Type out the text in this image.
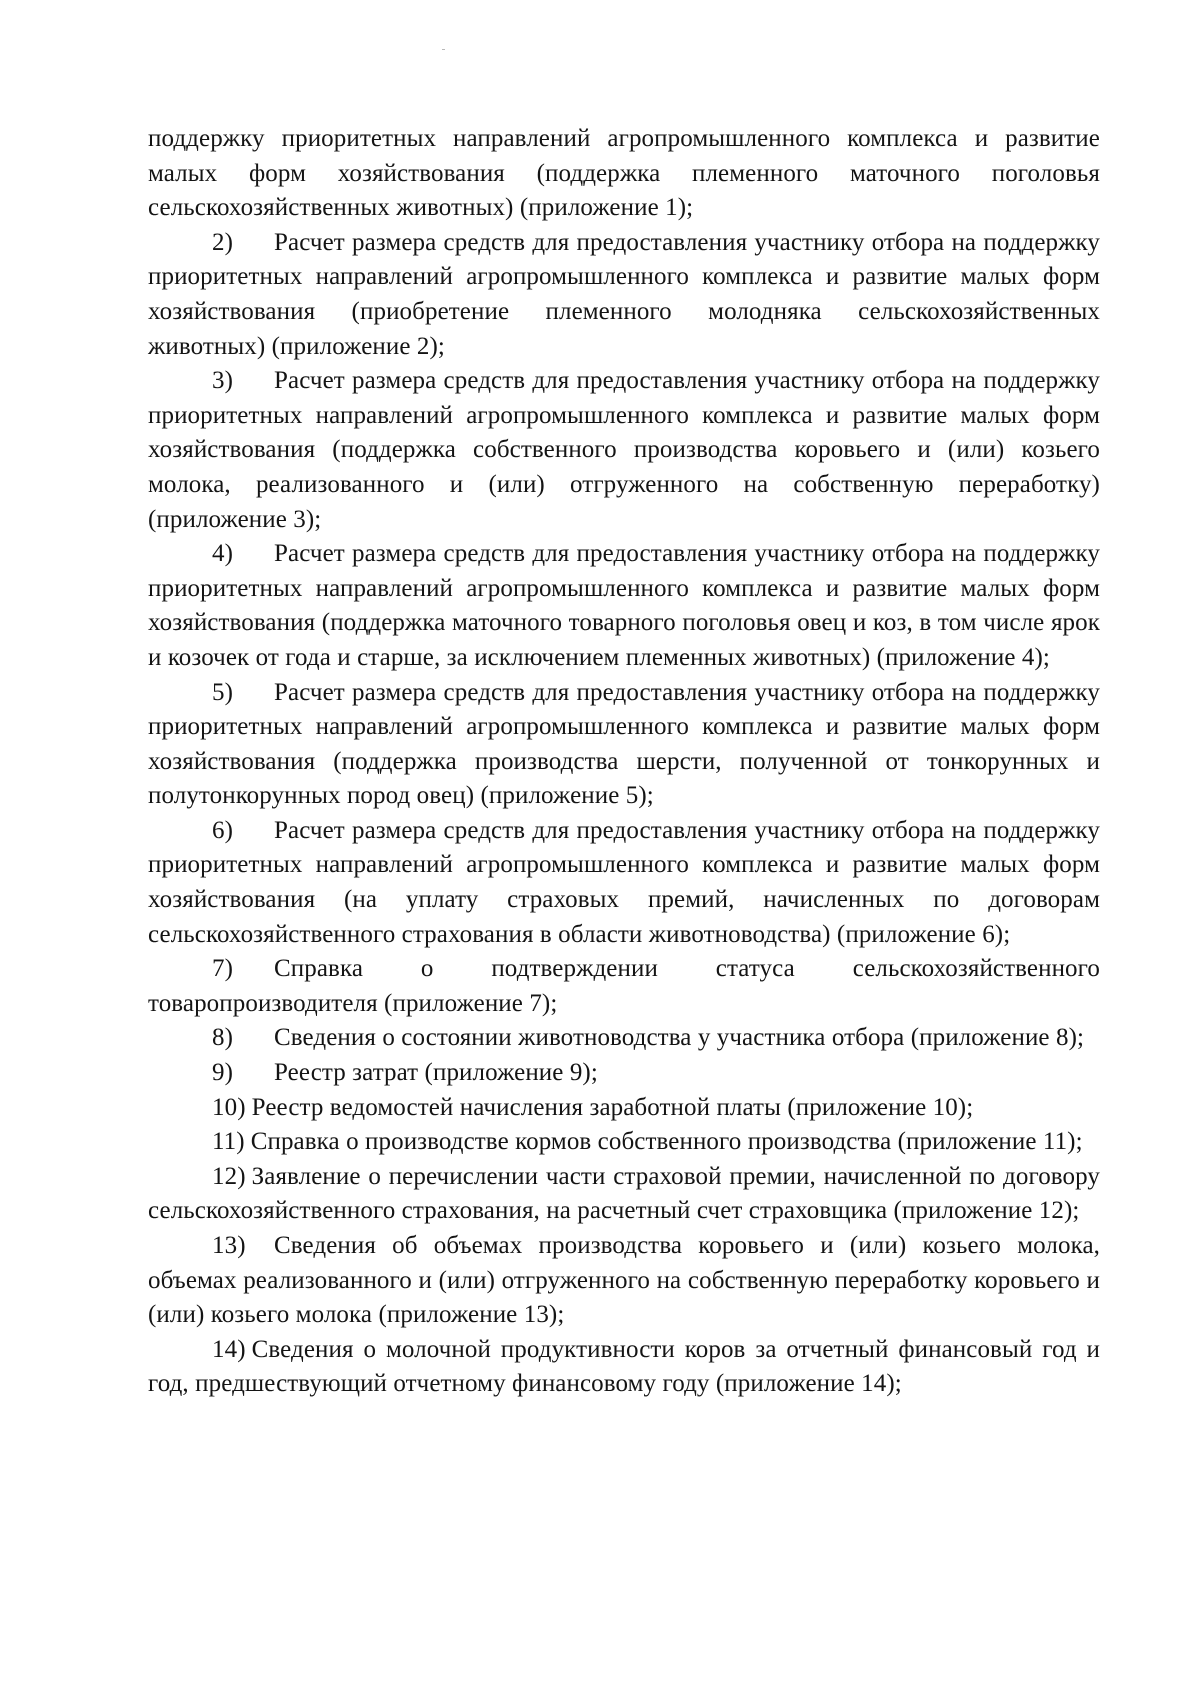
поддержку приоритетных направлений агропромышленного комплекса и развитие малых форм хозяйствования (поддержка племенного маточного поголовья сельскохозяйственных животных) (приложение 1);

2) Расчет размера средств для предоставления участнику отбора на поддержку приоритетных направлений агропромышленного комплекса и развитие малых форм хозяйствования (приобретение племенного молодняка сельскохозяйственных животных) (приложение 2);

3) Расчет размера средств для предоставления участнику отбора на поддержку приоритетных направлений агропромышленного комплекса и развитие малых форм хозяйствования (поддержка собственного производства коровьего и (или) козьего молока, реализованного и (или) отгруженного на собственную переработку) (приложение 3);

4) Расчет размера средств для предоставления участнику отбора на поддержку приоритетных направлений агропромышленного комплекса и развитие малых форм хозяйствования (поддержка маточного товарного поголовья овец и коз, в том числе ярок и козочек от года и старше, за исключением племенных животных) (приложение 4);

5) Расчет размера средств для предоставления участнику отбора на поддержку приоритетных направлений агропромышленного комплекса и развитие малых форм хозяйствования (поддержка производства шерсти, полученной от тонкорунных и полутонкорунных пород овец) (приложение 5);

6) Расчет размера средств для предоставления участнику отбора на поддержку приоритетных направлений агропромышленного комплекса и развитие малых форм хозяйствования (на уплату страховых премий, начисленных по договорам сельскохозяйственного страхования в области животноводства) (приложение 6);

7) Справка о подтверждении статуса сельскохозяйственного товаропроизводителя (приложение 7);

8) Сведения о состоянии животноводства у участника отбора (приложение 8);

9) Реестр затрат (приложение 9);

10) Реестр ведомостей начисления заработной платы (приложение 10);

11) Справка о производстве кормов собственного производства (приложение 11);

12) Заявление о перечислении части страховой премии, начисленной по договору сельскохозяйственного страхования, на расчетный счет страховщика (приложение 12);

13) Сведения об объемах производства коровьего и (или) козьего молока, объемах реализованного и (или) отгруженного на собственную переработку коровьего и (или) козьего молока (приложение 13);

14) Сведения о молочной продуктивности коров за отчетный финансовый год и год, предшествующий отчетному финансовому году (приложение 14);
